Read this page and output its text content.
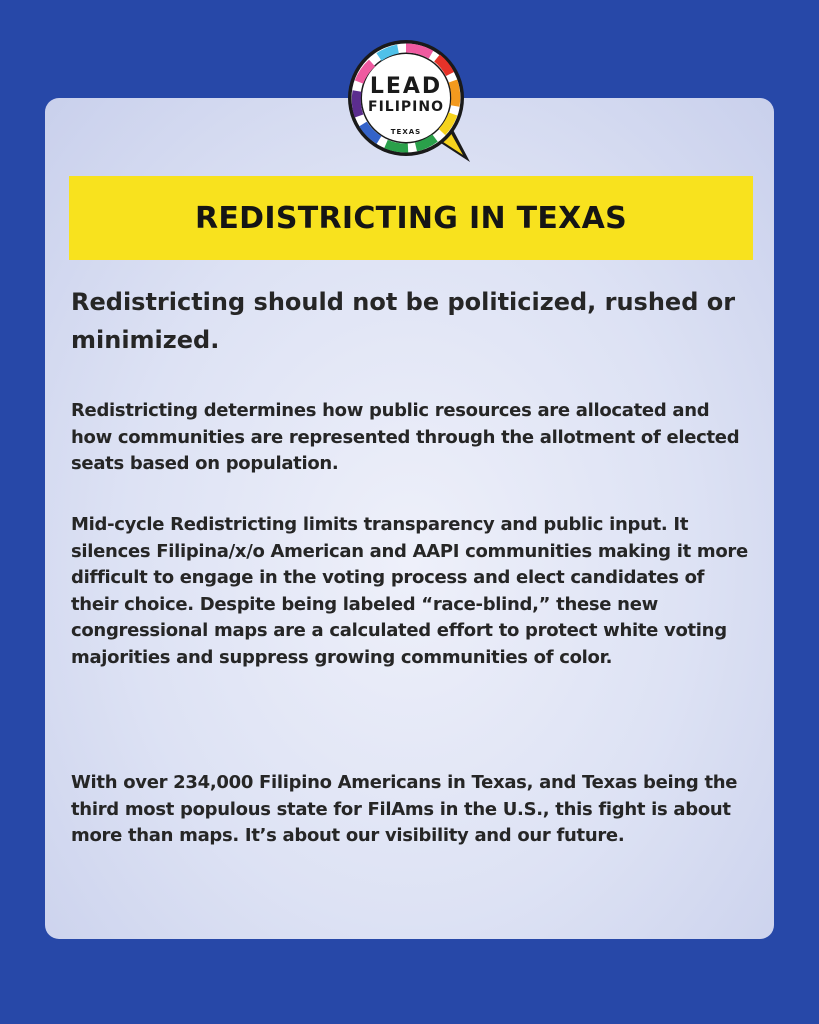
LEAD
FILIPINO
TEXAS
REDISTRICTING IN TEXAS

Redistricting should not be politicized, rushed or minimized.

Redistricting determines how public resources are allocated and how communities are represented through the allotment of elected seats based on population.

Mid-cycle Redistricting limits transparency and public input. It silences Filipina/x/o American and AAPI communities making it more difficult to engage in the voting process and elect candidates of their choice. Despite being labeled “race-blind,” these new congressional maps are a calculated effort to protect white voting majorities and suppress growing communities of color.

With over 234,000 Filipino Americans in Texas, and Texas being the third most populous state for FilAms in the U.S., this fight is about more than maps. It’s about our visibility and our future.
